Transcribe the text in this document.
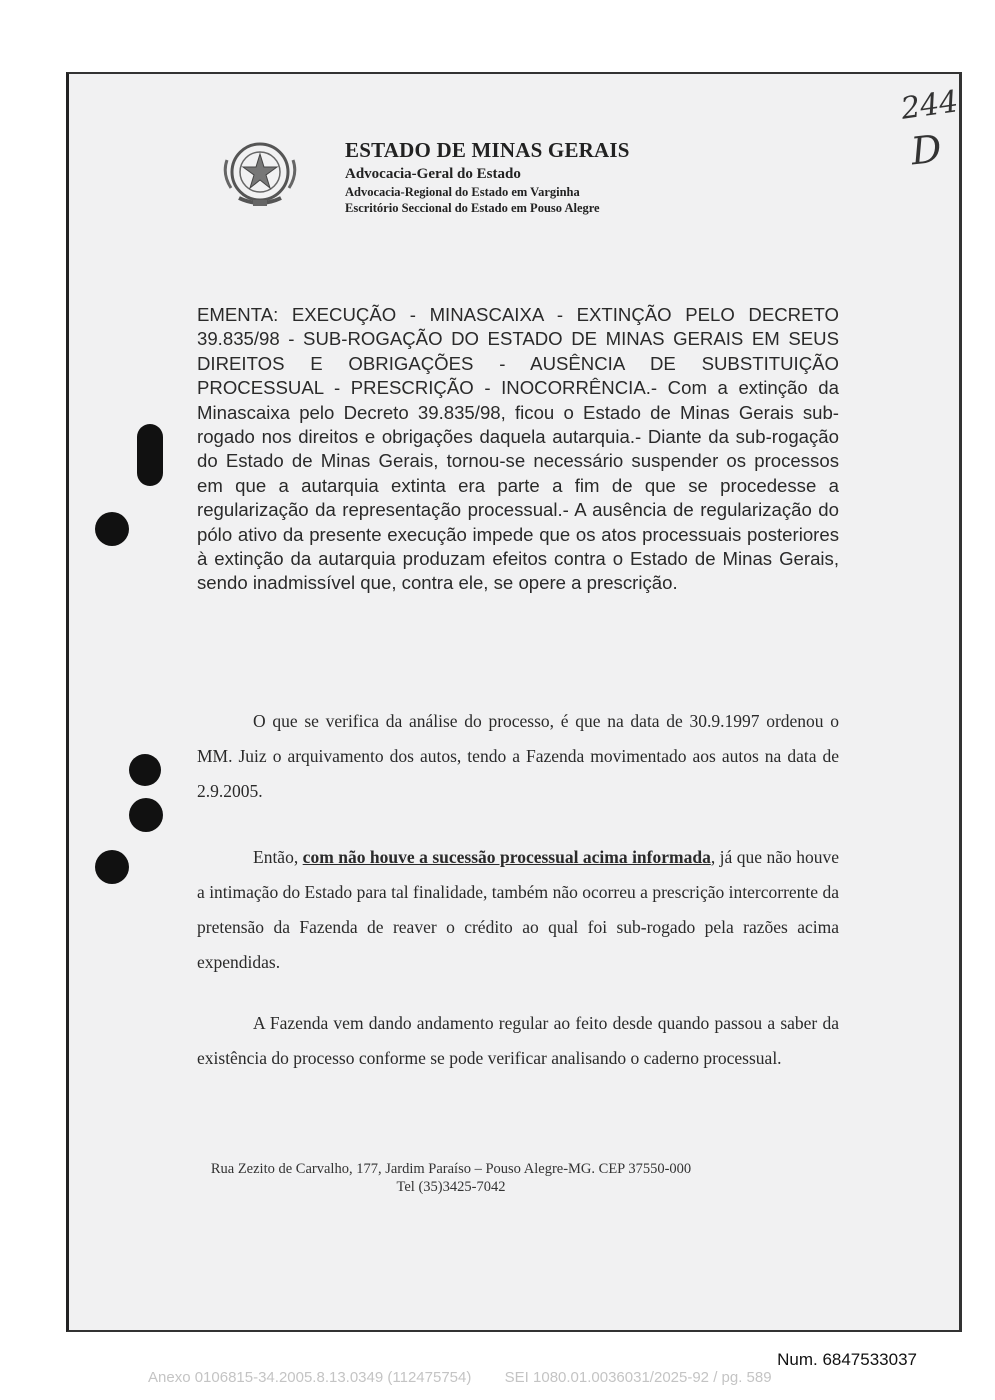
ESTADO DE MINAS GERAIS
Advocacia-Geral do Estado
Advocacia-Regional do Estado em Varginha
Escritório Seccional do Estado em Pouso Alegre
244
D
EMENTA: EXECUÇÃO - MINASCAIXA - EXTINÇÃO PELO DECRETO 39.835/98 - SUB-ROGAÇÃO DO ESTADO DE MINAS GERAIS EM SEUS DIREITOS E OBRIGAÇÕES - AUSÊNCIA DE SUBSTITUIÇÃO PROCESSUAL - PRESCRIÇÃO - INOCORRÊNCIA.- Com a extinção da Minascaixa pelo Decreto 39.835/98, ficou o Estado de Minas Gerais sub-rogado nos direitos e obrigações daquela autarquia.- Diante da sub-rogação do Estado de Minas Gerais, tornou-se necessário suspender os processos em que a autarquia extinta era parte a fim de que se procedesse a regularização da representação processual.- A ausência de regularização do pólo ativo da presente execução impede que os atos processuais posteriores à extinção da autarquia produzam efeitos contra o Estado de Minas Gerais, sendo inadmissível que, contra ele, se opere a prescrição.
O que se verifica da análise do processo, é que na data de 30.9.1997 ordenou o MM. Juiz o arquivamento dos autos, tendo a Fazenda movimentado aos autos na data de 2.9.2005.
Então, com não houve a sucessão processual acima informada, já que não houve a intimação do Estado para tal finalidade, também não ocorreu a prescrição intercorrente da pretensão da Fazenda de reaver o crédito ao qual foi sub-rogado pela razões acima expendidas.
A Fazenda vem dando andamento regular ao feito desde quando passou a saber da existência do processo conforme se pode verificar analisando o caderno processual.
Rua Zezito de Carvalho, 177, Jardim Paraíso – Pouso Alegre-MG. CEP 37550-000
Tel (35)3425-7042
Num. 6847533037
Anexo 0106815-34.2005.8.13.0349 (112475754)        SEI 1080.01.0036031/2025-92 / pg. 589
